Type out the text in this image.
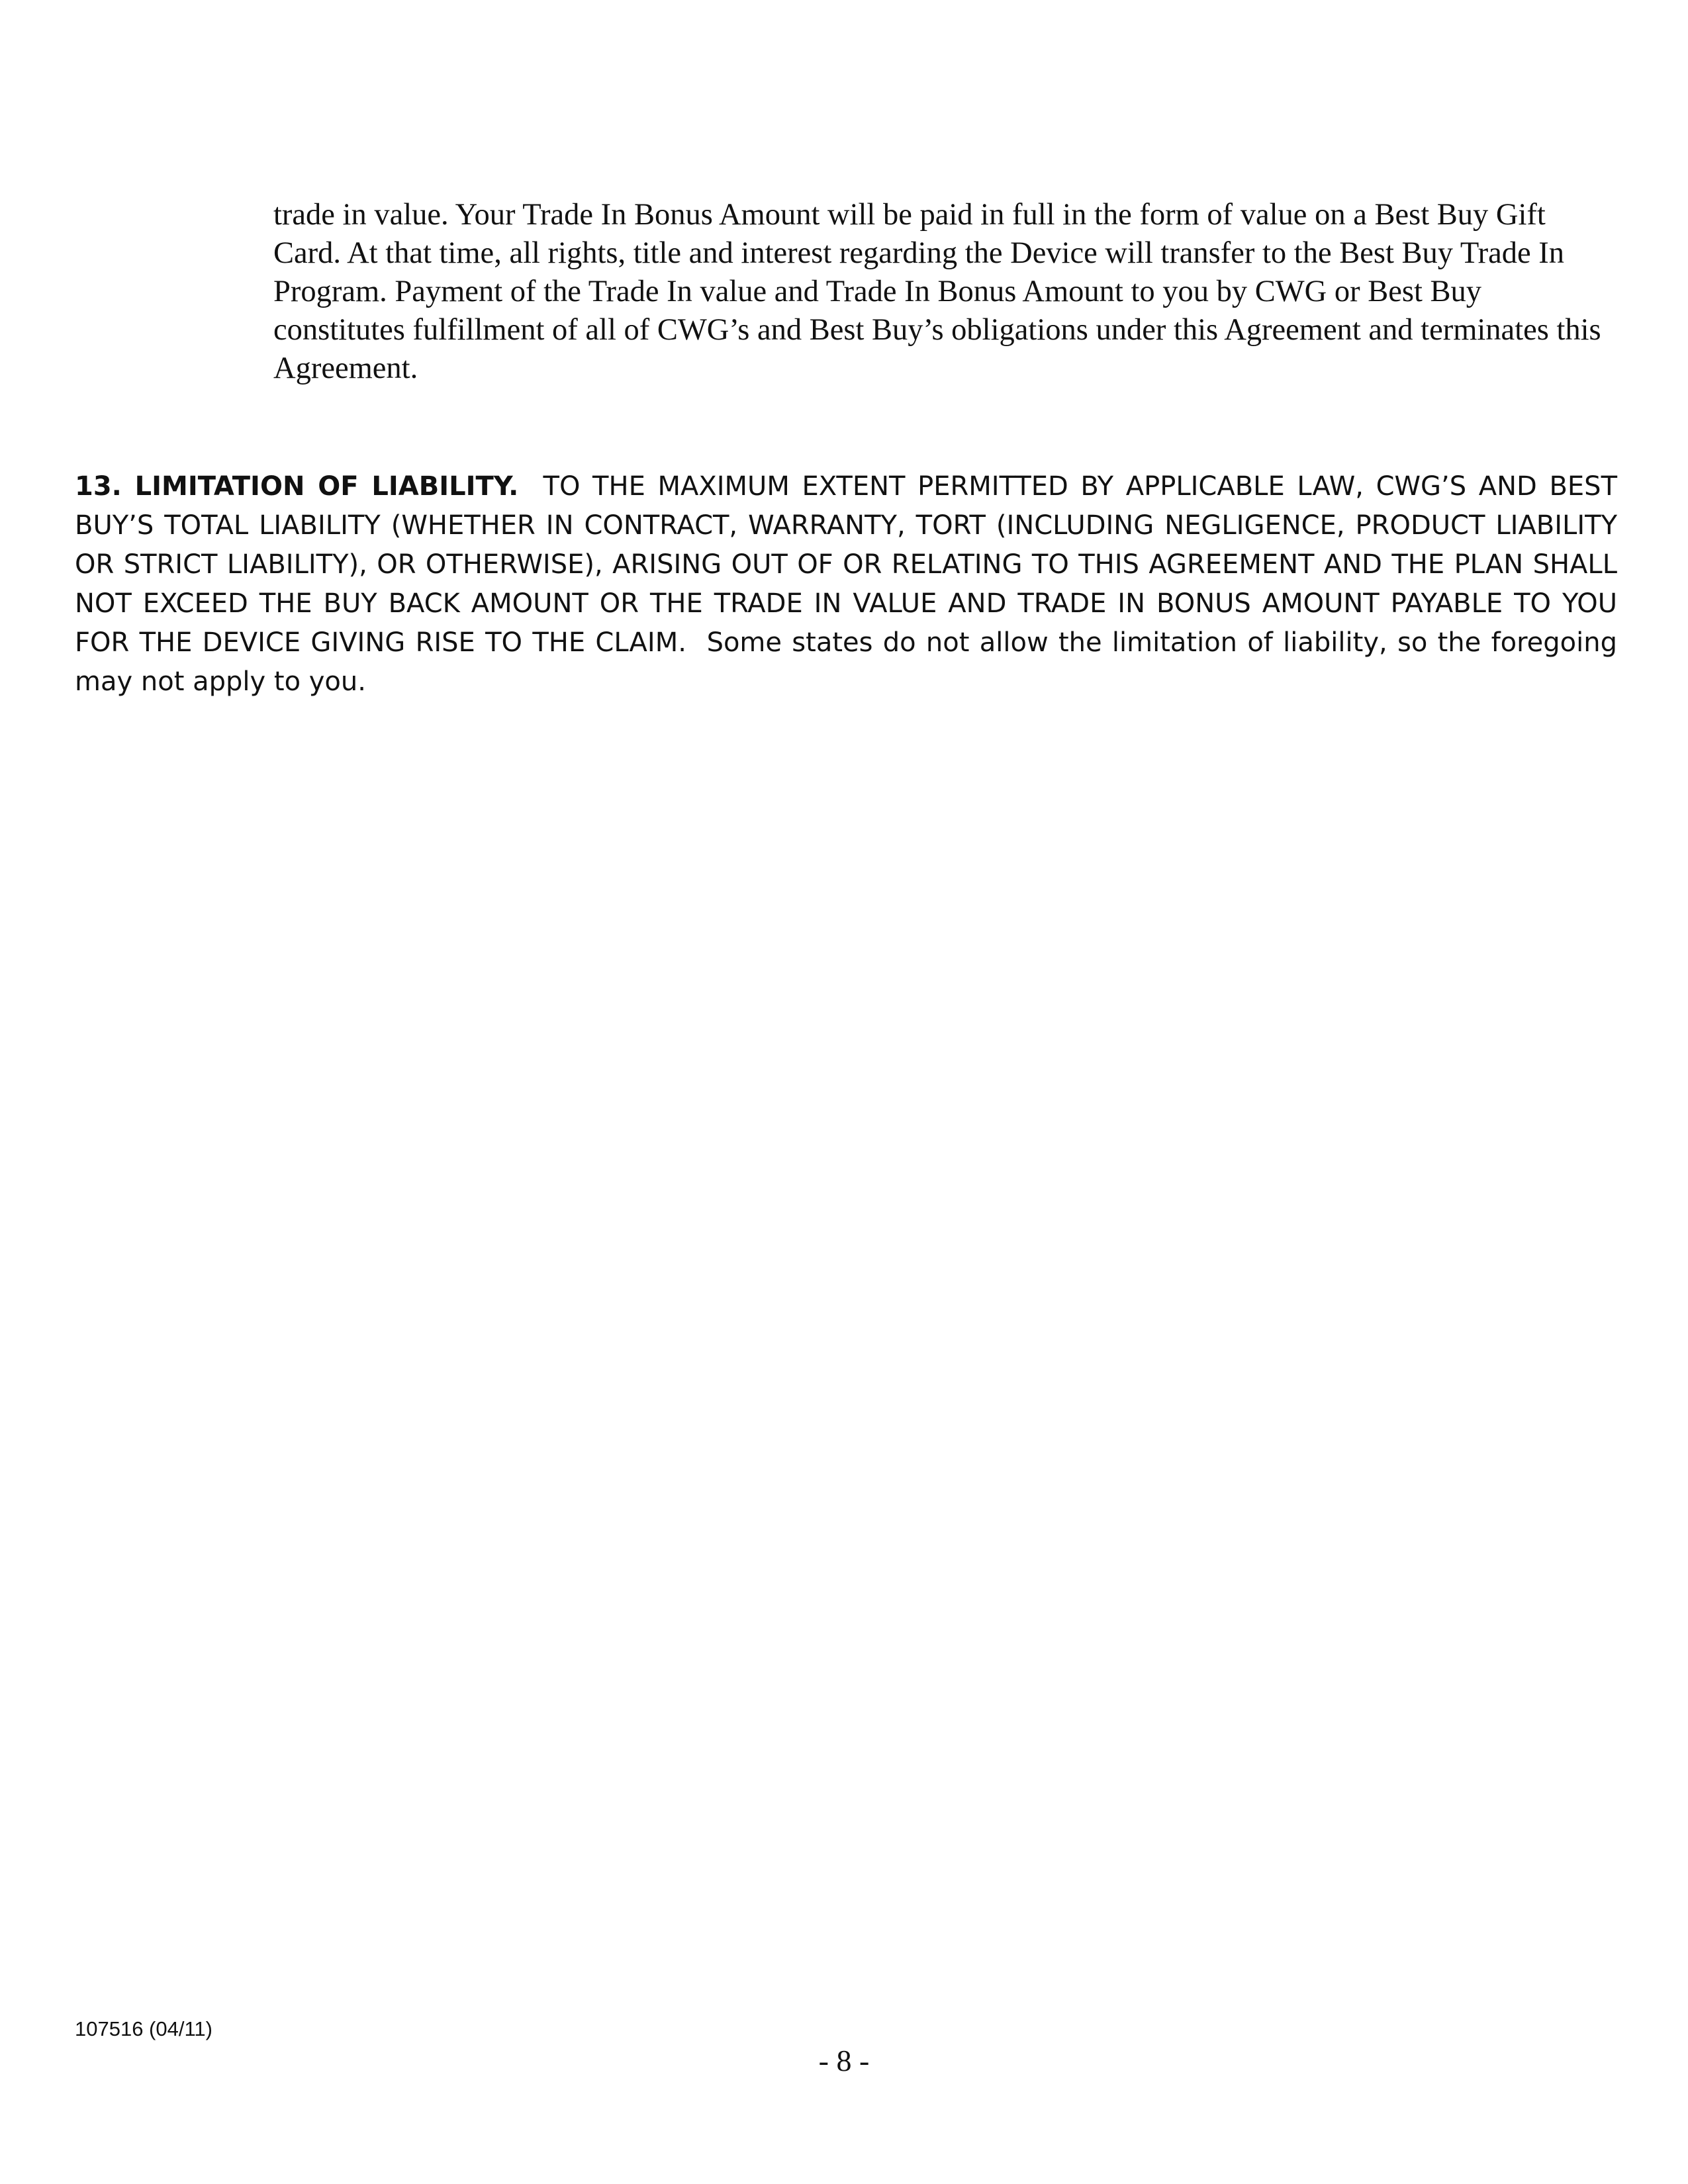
trade in value. Your Trade In Bonus Amount will be paid in full in the form of value on a Best Buy Gift Card. At that time, all rights, title and interest regarding the Device will transfer to the Best Buy Trade In Program. Payment of the Trade In value and Trade In Bonus Amount to you by CWG or Best Buy constitutes fulfillment of all of CWG’s and Best Buy’s obligations under this Agreement and terminates this Agreement.

13. LIMITATION OF LIABILITY. TO THE MAXIMUM EXTENT PERMITTED BY APPLICABLE LAW, CWG’S AND BEST BUY’S TOTAL LIABILITY (WHETHER IN CONTRACT, WARRANTY, TORT (INCLUDING NEGLIGENCE, PRODUCT LIABILITY OR STRICT LIABILITY), OR OTHERWISE), ARISING OUT OF OR RELATING TO THIS AGREEMENT AND THE PLAN SHALL NOT EXCEED THE BUY BACK AMOUNT OR THE TRADE IN VALUE AND TRADE IN BONUS AMOUNT PAYABLE TO YOU FOR THE DEVICE GIVING RISE TO THE CLAIM. Some states do not allow the limitation of liability, so the foregoing may not apply to you.

107516 (04/11)

- 8 -
